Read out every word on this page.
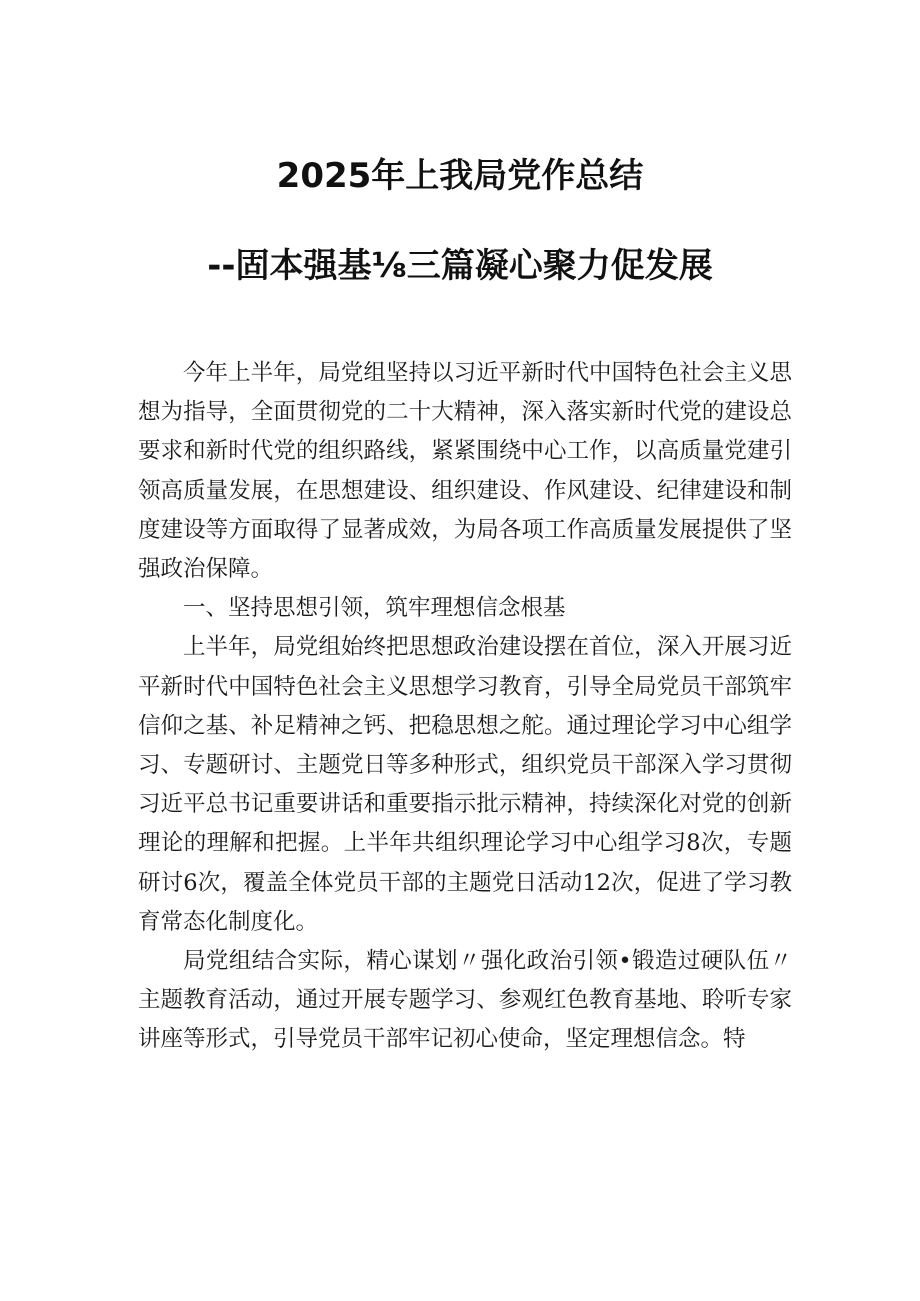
2025年上我局党作总结
--固本强基⅛三篇凝心聚力促发展

今年上半年，局党组坚持以习近平新时代中国特色社会主义思想为指导，全面贯彻党的二十大精神，深入落实新时代党的建设总要求和新时代党的组织路线，紧紧围绕中心工作，以高质量党建引领高质量发展，在思想建设、组织建设、作风建设、纪律建设和制度建设等方面取得了显著成效，为局各项工作高质量发展提供了坚强政治保障。

一、坚持思想引领，筑牢理想信念根基

上半年，局党组始终把思想政治建设摆在首位，深入开展习近平新时代中国特色社会主义思想学习教育，引导全局党员干部筑牢信仰之基、补足精神之钙、把稳思想之舵。通过理论学习中心组学习、专题研讨、主题党日等多种形式，组织党员干部深入学习贯彻习近平总书记重要讲话和重要指示批示精神，持续深化对党的创新理论的理解和把握。上半年共组织理论学习中心组学习8次，专题研讨6次，覆盖全体党员干部的主题党日活动12次，促进了学习教育常态化制度化。

局党组结合实际，精心谋划〃强化政治引领•锻造过硬队伍〃主题教育活动，通过开展专题学习、参观红色教育基地、聆听专家讲座等形式，引导党员干部牢记初心使命，坚定理想信念。特
